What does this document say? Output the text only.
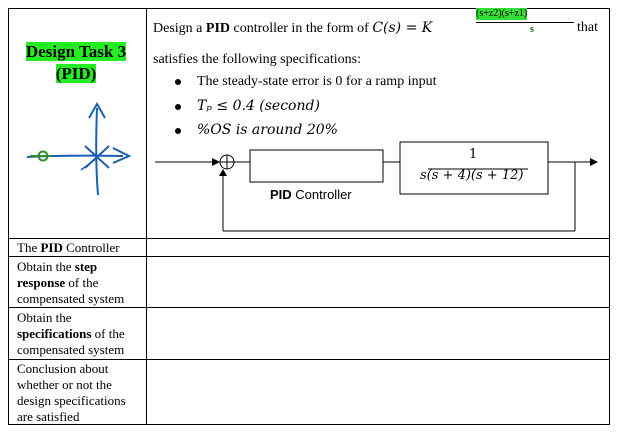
Design Task 3
(PID)
Design a PID controller in the form of C(s) = K	that
satisfies the following specifications:
The steady-state error is 0 for a ramp input
Tₚ ≤ 0.4 (second)
%OS is around 20%
(s+z2)(s+z1)
s
−
PID Controller
1
s(s + 4)(s + 12)
The PID Controller
Obtain the step response of the compensated system
Obtain the specifications of the compensated system
Conclusion about whether or not the design specifications are satisfied
